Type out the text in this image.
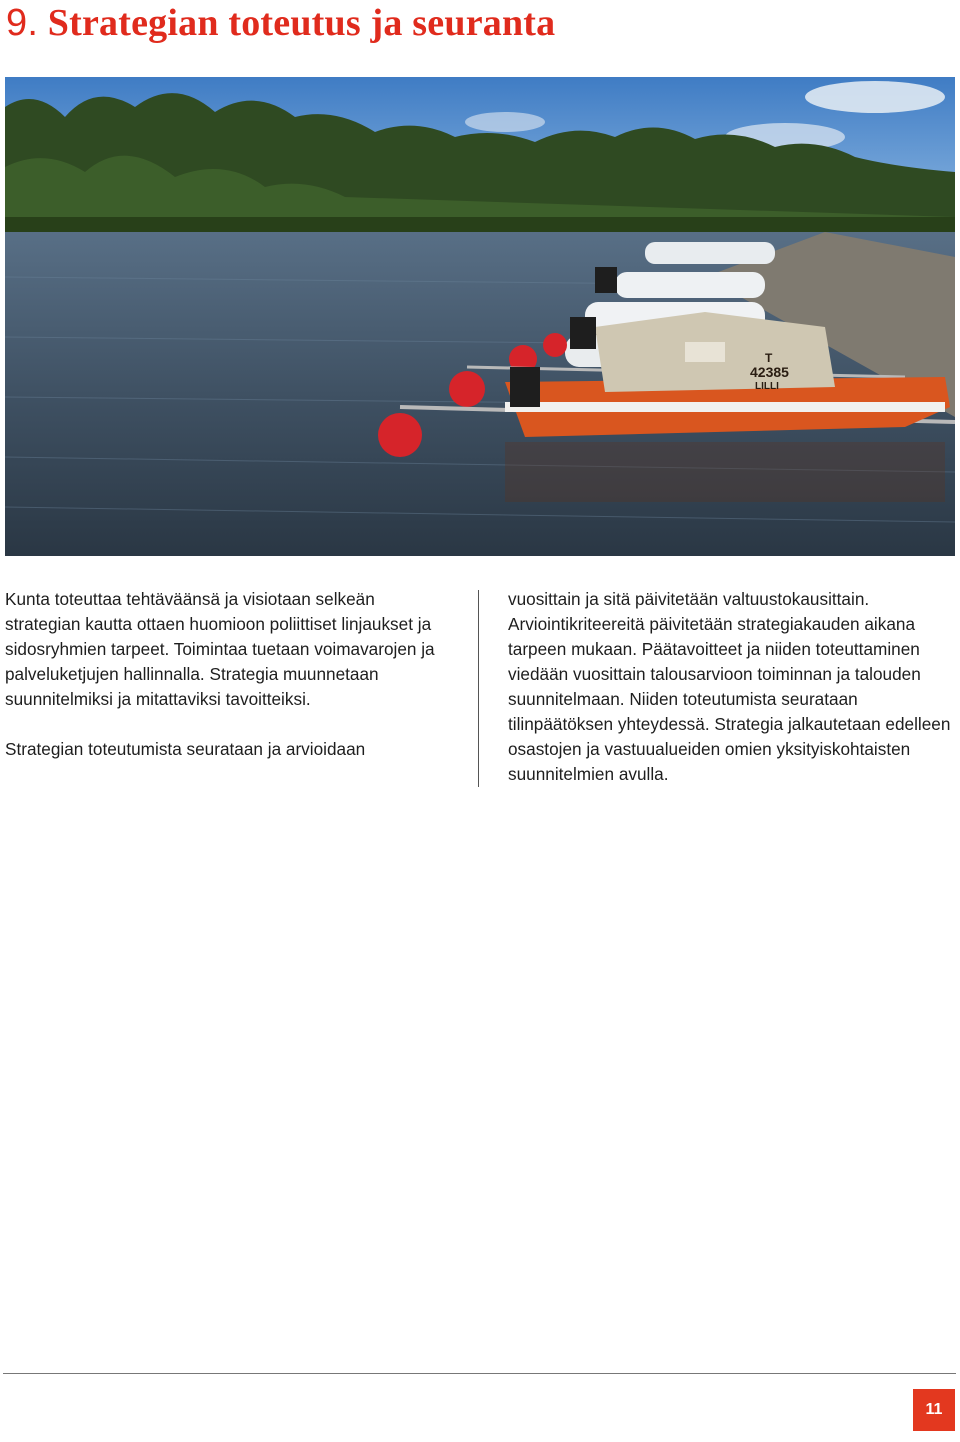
9. Strategian toteutus ja seuranta
T
42385
LILLI

Kunta toteuttaa tehtäväänsä ja visiotaan selkeän strategian kautta ottaen huomioon poliittiset linjaukset ja sidosryhmien tarpeet. Toimintaa tuetaan voimavarojen ja palveluketjujen hallinnalla. Strategia muunnetaan suunnitelmiksi ja mitattaviksi tavoitteiksi.

Strategian toteutumista seurataan ja arvioidaan

vuosittain ja sitä päivitetään valtuustokausittain. Arviointikriteereitä päivitetään strategiakauden aikana tarpeen mukaan. Päätavoitteet ja niiden toteuttaminen viedään vuosittain talousarvioon toiminnan ja talouden suunnitelmaan. Niiden toteutumista seurataan tilinpäätöksen yhteydessä. Strategia jalkautetaan edelleen osastojen ja vastuualueiden omien yksityiskohtaisten suunnitelmien avulla.

11
